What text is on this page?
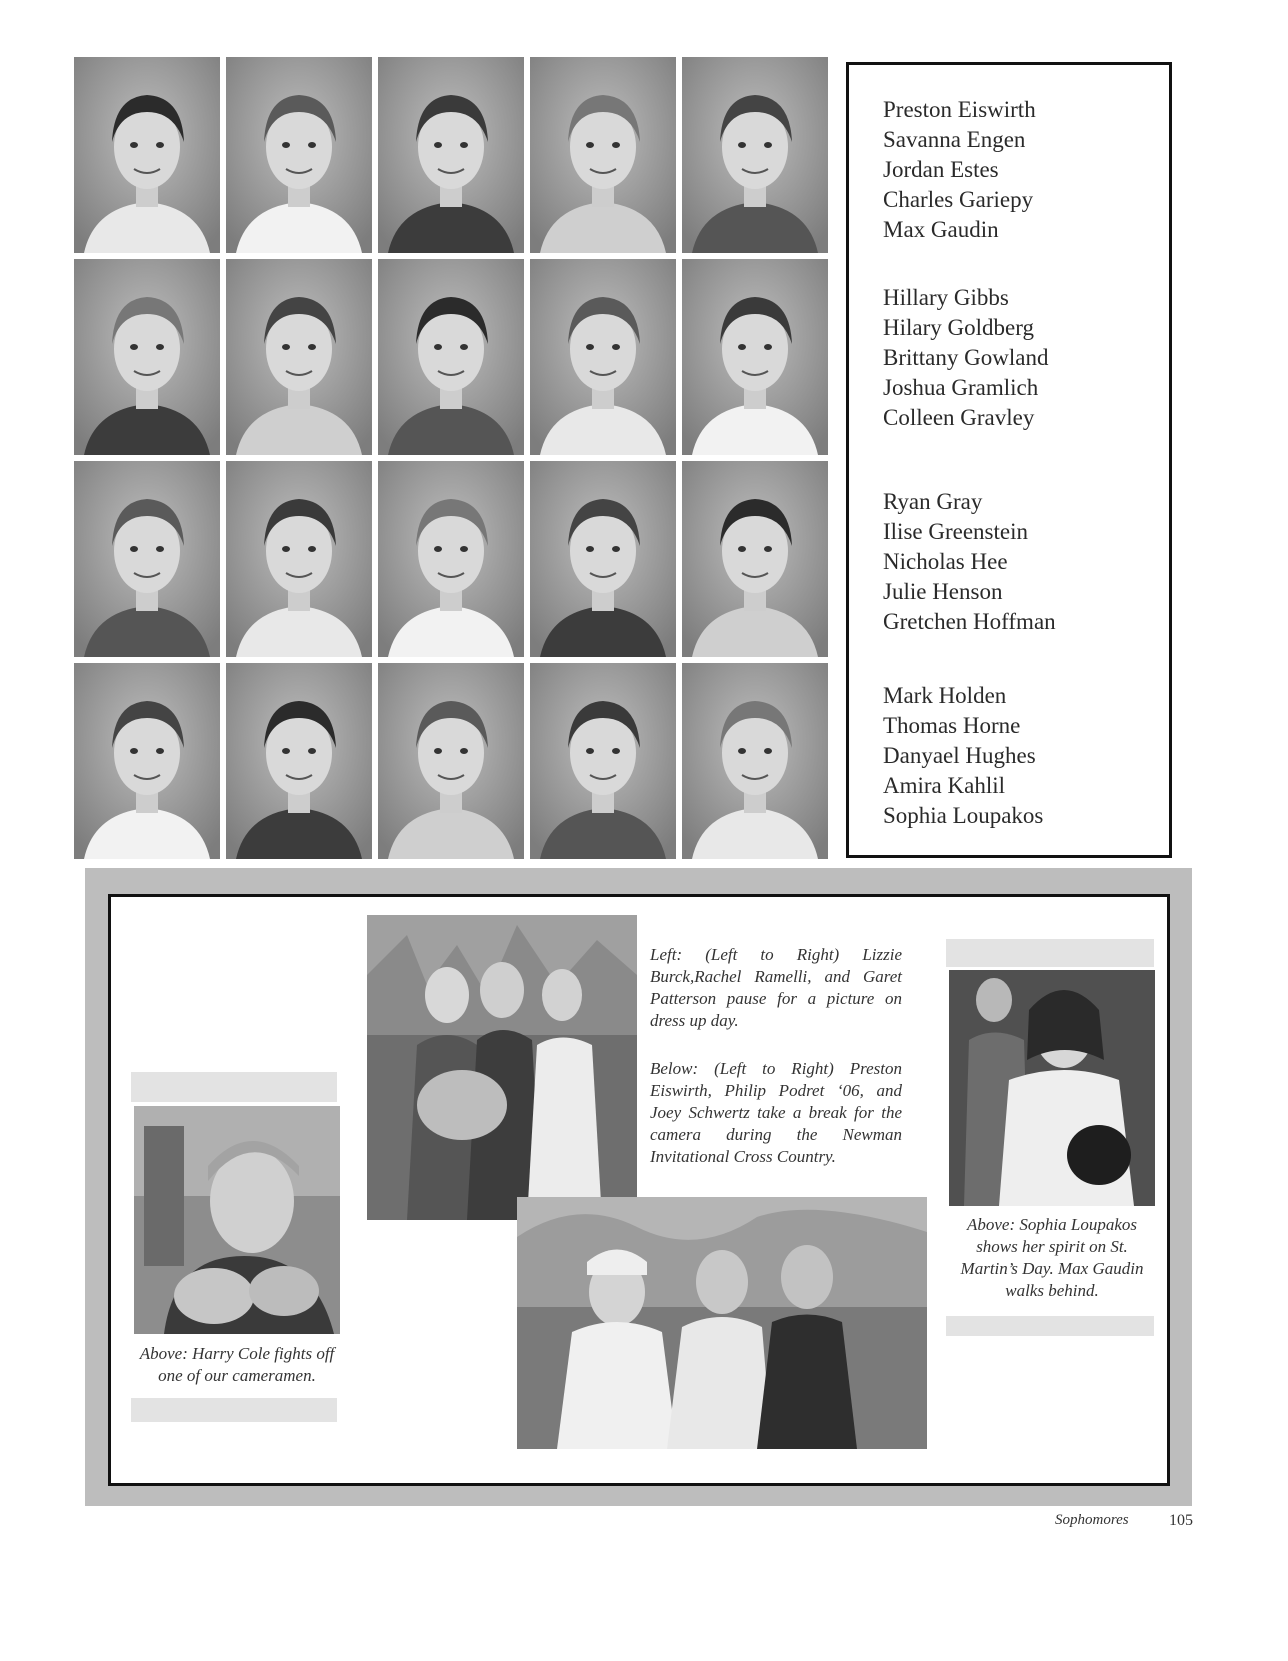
Preston Eiswirth
Savanna Engen
Jordan Estes
Charles Gariepy
Max Gaudin
Hillary Gibbs
Hilary Goldberg
Brittany Gowland
Joshua Gramlich
Colleen Gravley
Ryan Gray
Ilise Greenstein
Nicholas Hee
Julie Henson
Gretchen Hoffman
Mark Holden
Thomas Horne
Danyael Hughes
Amira Kahlil
Sophia Loupakos
Left: (Left to Right) Lizzie Burck,Rachel Ramelli, and Garet Patterson pause for a picture on dress up day.
Below: (Left to Right) Preston Eiswirth, Philip Podret ‘06, and Joey Schwertz take a break for the camera during the Newman Invitational Cross Country.
Above: Harry Cole fights off one of our cameramen.
Above: Sophia Loupakos shows her spirit on St. Martin’s Day. Max Gaudin walks behind.
Sophomores	105
